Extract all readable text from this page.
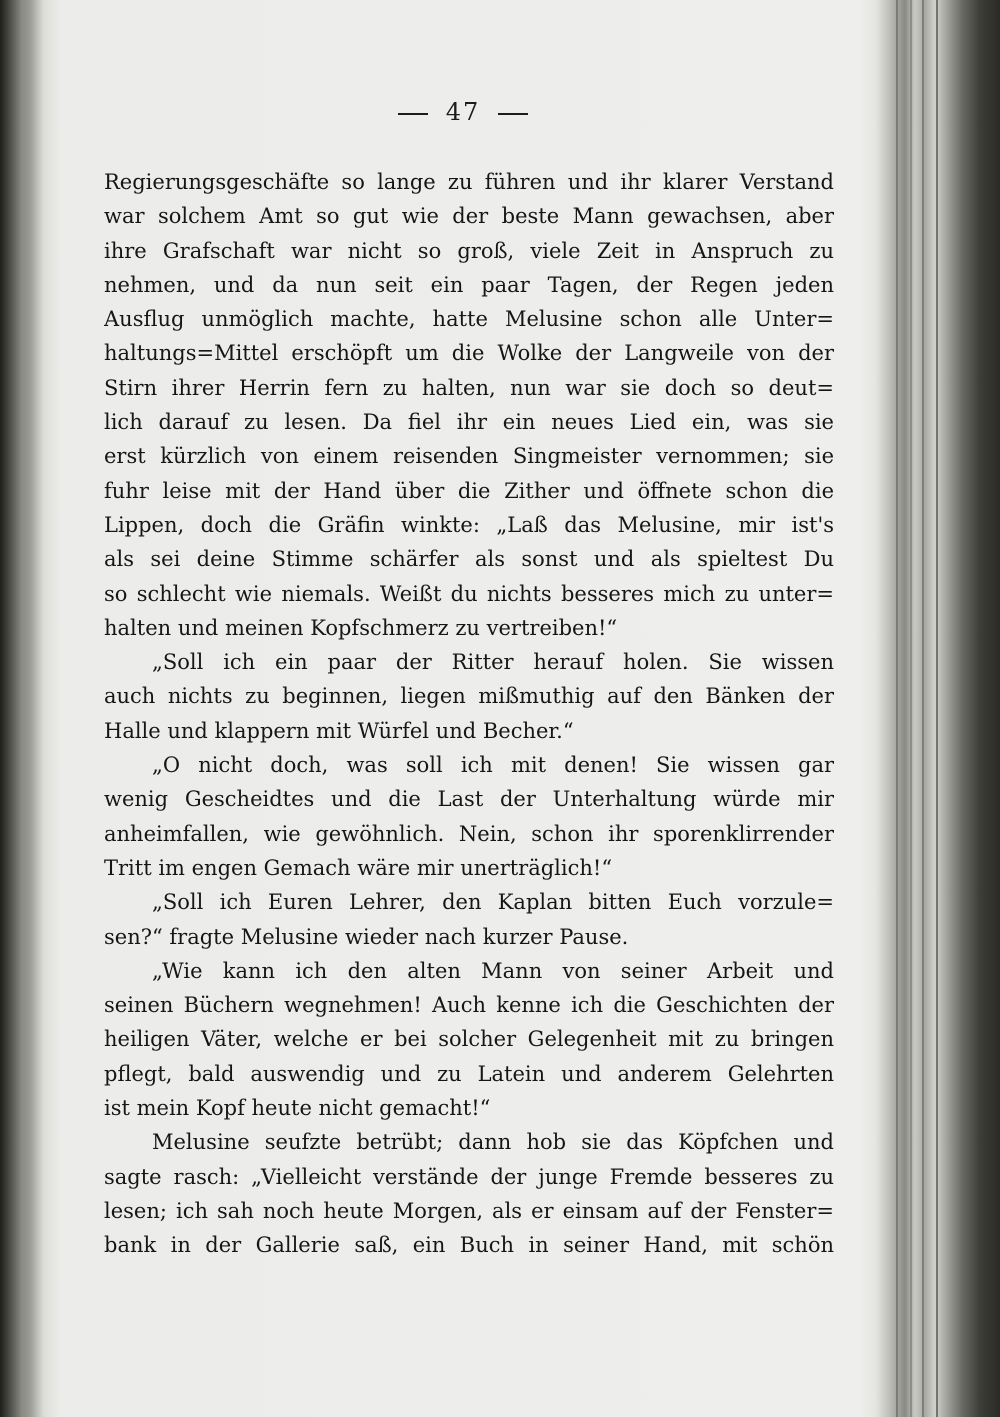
47
Regierungsgeschäfte so lange zu führen und ihr klarer Verstand
war solchem Amt so gut wie der beste Mann gewachsen, aber
ihre Grafschaft war nicht so groß, viele Zeit in Anspruch zu
nehmen, und da nun seit ein paar Tagen, der Regen jeden
Ausflug unmöglich machte, hatte Melusine schon alle Unter=
haltungs=Mittel erschöpft um die Wolke der Langweile von der
Stirn ihrer Herrin fern zu halten, nun war sie doch so deut=
lich darauf zu lesen. Da fiel ihr ein neues Lied ein, was sie
erst kürzlich von einem reisenden Singmeister vernommen; sie
fuhr leise mit der Hand über die Zither und öffnete schon die
Lippen, doch die Gräfin winkte: „Laß das Melusine, mir ist's
als sei deine Stimme schärfer als sonst und als spieltest Du
so schlecht wie niemals. Weißt du nichts besseres mich zu unter=
halten und meinen Kopfschmerz zu vertreiben!“
„Soll ich ein paar der Ritter herauf holen. Sie wissen
auch nichts zu beginnen, liegen mißmuthig auf den Bänken der
Halle und klappern mit Würfel und Becher.“
„O nicht doch, was soll ich mit denen! Sie wissen gar
wenig Gescheidtes und die Last der Unterhaltung würde mir
anheimfallen, wie gewöhnlich. Nein, schon ihr sporenklirrender
Tritt im engen Gemach wäre mir unerträglich!“
„Soll ich Euren Lehrer, den Kaplan bitten Euch vorzule=
sen?“ fragte Melusine wieder nach kurzer Pause.
„Wie kann ich den alten Mann von seiner Arbeit und
seinen Büchern wegnehmen! Auch kenne ich die Geschichten der
heiligen Väter, welche er bei solcher Gelegenheit mit zu bringen
pflegt, bald auswendig und zu Latein und anderem Gelehrten
ist mein Kopf heute nicht gemacht!“
Melusine seufzte betrübt; dann hob sie das Köpfchen und
sagte rasch: „Vielleicht verstände der junge Fremde besseres zu
lesen; ich sah noch heute Morgen, als er einsam auf der Fenster=
bank in der Gallerie saß, ein Buch in seiner Hand, mit schön
